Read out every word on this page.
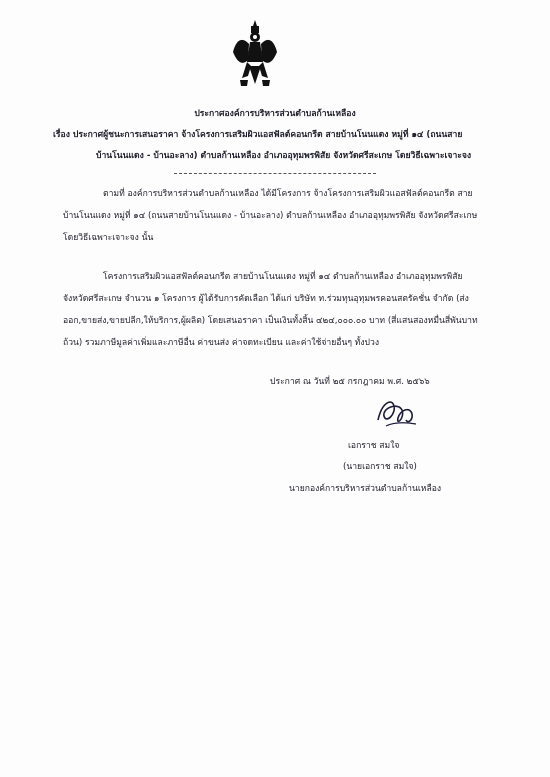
ประกาศองค์การบริหารส่วนตำบลก้านเหลือง
เรื่อง ประกาศผู้ชนะการเสนอราคา จ้างโครงการเสริมผิวแอสฟัลต์คอนกรีต สายบ้านโนนแดง หมู่ที่ ๑๔ (ถนนสาย
บ้านโนนแดง - บ้านอะลาง) ตำบลก้านเหลือง อำเภออุทุมพรพิสัย จังหวัดศรีสะเกษ โดยวิธีเฉพาะเจาะจง
ตามที่ องค์การบริหารส่วนตำบลก้านเหลือง ได้มีโครงการ จ้างโครงการเสริมผิวแอสฟัลต์คอนกรีต สาย
บ้านโนนแดง หมู่ที่ ๑๔ (ถนนสายบ้านโนนแดง - บ้านอะลาง) ตำบลก้านเหลือง อำเภออุทุมพรพิสัย จังหวัดศรีสะเกษ
โดยวิธีเฉพาะเจาะจง นั้น
โครงการเสริมผิวแอสฟัลต์คอนกรีต สายบ้านโนนแดง หมู่ที่ ๑๔ ตำบลก้านเหลือง อำเภออุทุมพรพิสัย
จังหวัดศรีสะเกษ จำนวน ๑ โครงการ ผู้ได้รับการคัดเลือก ได้แก่ บริษัท ท.ร่วมทุนอุทุมพรคอนสตรัคชั่น จำกัด (ส่ง
ออก,ขายส่ง,ขายปลีก,ให้บริการ,ผู้ผลิต) โดยเสนอราคา เป็นเงินทั้งสิ้น ๔๒๔,๐๐๐.๐๐ บาท (สี่แสนสองหมื่นสี่พันบาท
ถ้วน) รวมภาษีมูลค่าเพิ่มและภาษีอื่น ค่าขนส่ง ค่าจดทะเบียน และค่าใช้จ่ายอื่นๆ ทั้งปวง
ประกาศ ณ วันที่ ๒๕ กรกฎาคม พ.ศ. ๒๕๖๖
เอกราช สมใจ
(นายเอกราช สมใจ)
นายกองค์การบริหารส่วนตำบลก้านเหลือง
